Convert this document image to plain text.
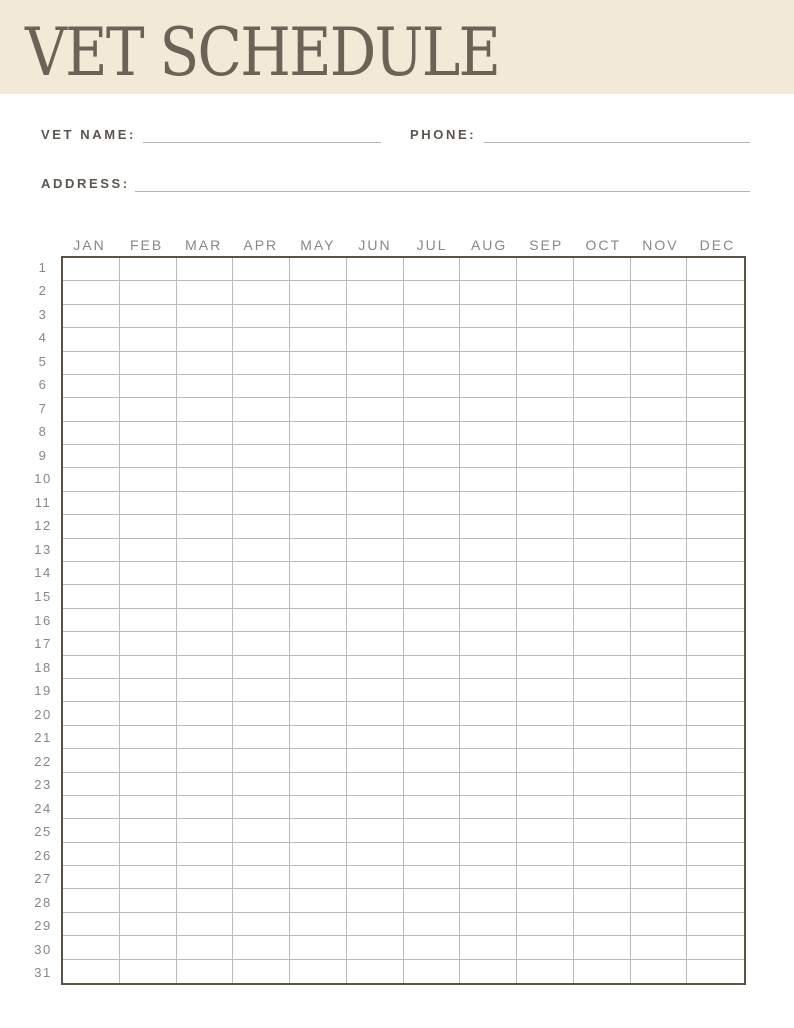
VET SCHEDULE
VET NAME:	PHONE:
ADDRESS:
JAN	FEB	MAR	APR	MAY	JUN	JUL	AUG	SEP	OCT	NOV	DEC
1
2
3
4
5
6
7
8
9
10
11
12
13
14
15
16
17
18
19
20
21
22
23
24
25
26
27
28
29
30
31
